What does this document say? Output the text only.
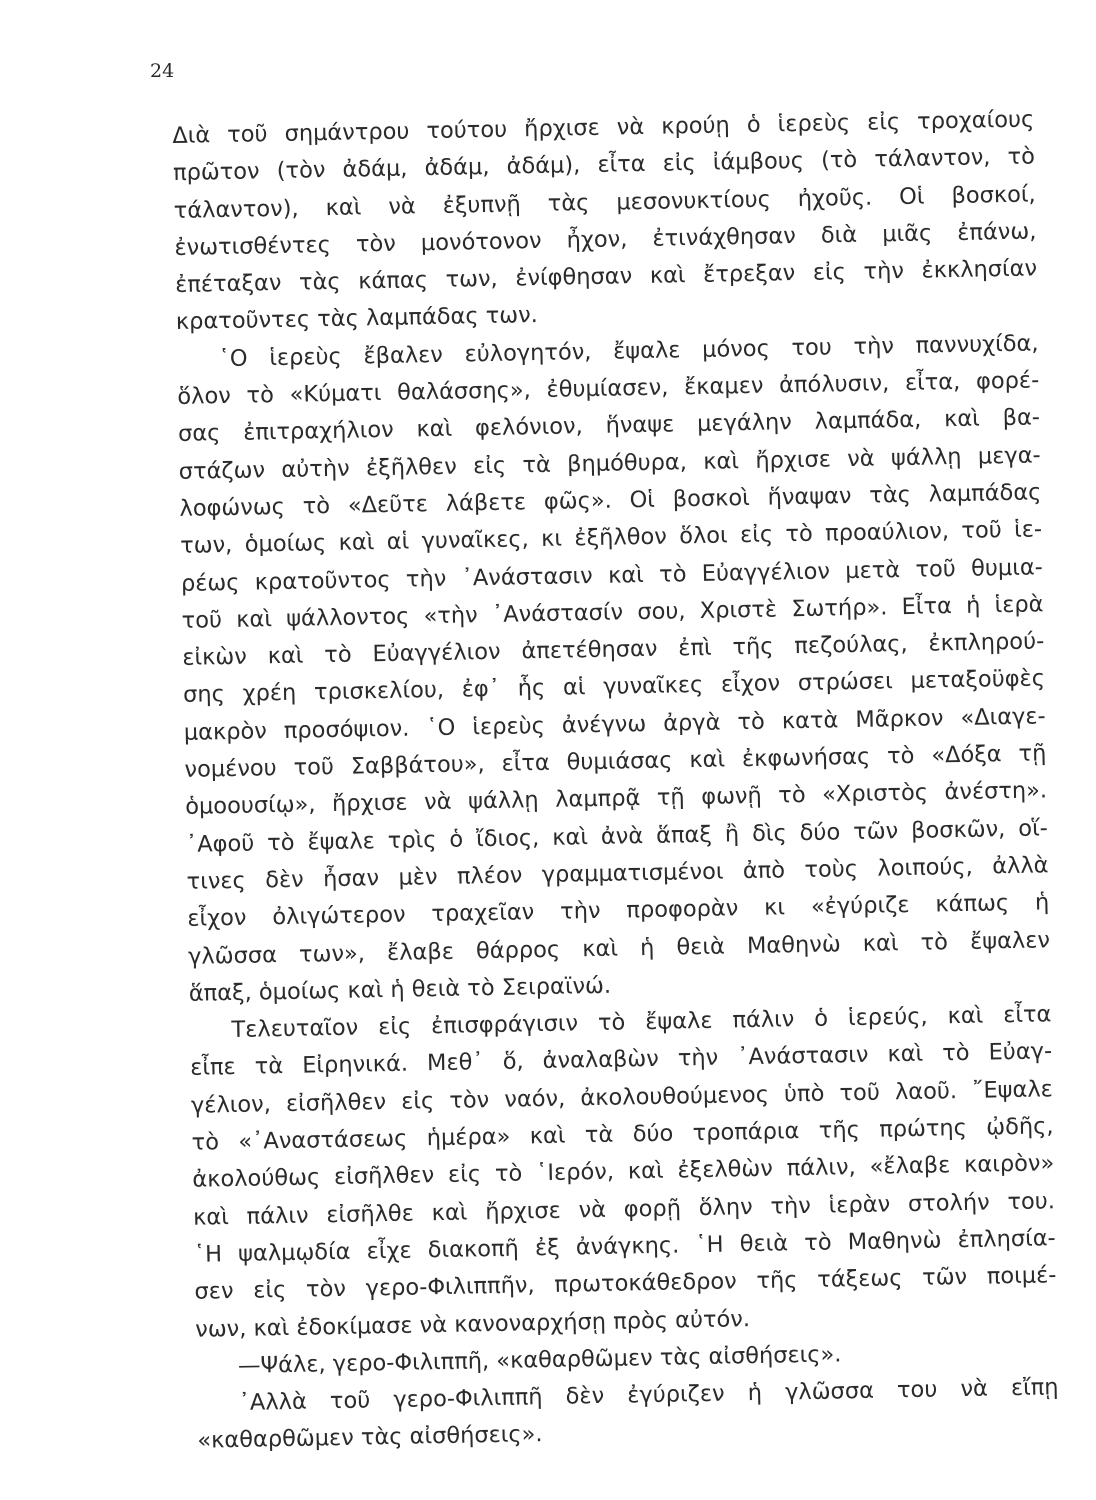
24
Διὰ τοῦ σημάντρου τούτου ἤρχισε νὰ κρούῃ ὁ ἱερεὺς εἰς τροχαίους
πρῶτον (τὸν ἀδάμ, ἀδάμ, ἀδάμ), εἶτα εἰς ἰάμβους (τὸ τάλαντον, τὸ
τάλαντον), καὶ νὰ ἐξυπνῇ τὰς μεσονυκτίους ἠχοῦς. Οἱ βοσκοί,
ἐνωτισθέντες τὸν μονότονον ἦχον, ἐτινάχθησαν διὰ μιᾶς ἐπάνω,
ἐπέταξαν τὰς κάπας των, ἐνίφθησαν καὶ ἔτρεξαν εἰς τὴν ἐκκλησίαν
κρατοῦντες τὰς λαμπάδας των.
῾Ο ἱερεὺς ἔβαλεν εὐλογητόν, ἔψαλε μόνος του τὴν παννυχίδα,
ὅλον τὸ «Κύματι θαλάσσης», ἐθυμίασεν, ἔκαμεν ἀπόλυσιν, εἶτα, φορέ-
σας ἐπιτραχήλιον καὶ φελόνιον, ἥναψε μεγάλην λαμπάδα, καὶ βα-
στάζων αὐτὴν ἐξῆλθεν εἰς τὰ βημόθυρα, καὶ ἤρχισε νὰ ψάλλῃ μεγα-
λοφώνως τὸ «Δεῦτε λάβετε φῶς». Οἱ βοσκοὶ ἥναψαν τὰς λαμπάδας
των, ὁμοίως καὶ αἱ γυναῖκες, κι ἐξῆλθον ὅλοι εἰς τὸ προαύλιον, τοῦ ἱε-
ρέως κρατοῦντος τὴν ᾿Ανάστασιν καὶ τὸ Εὐαγγέλιον μετὰ τοῦ θυμια-
τοῦ καὶ ψάλλοντος «τὴν ᾿Ανάστασίν σου, Χριστὲ Σωτήρ». Εἶτα ἡ ἱερὰ
εἰκὼν καὶ τὸ Εὐαγγέλιον ἀπετέθησαν ἐπὶ τῆς πεζούλας, ἐκπληρού-
σης χρέη τρισκελίου, ἐφ᾽ ἧς αἱ γυναῖκες εἶχον στρώσει μεταξοϋφὲς
μακρὸν προσόψιον. ῾Ο ἱερεὺς ἀνέγνω ἀργὰ τὸ κατὰ Μᾶρκον «Διαγε-
νομένου τοῦ Σαββάτου», εἶτα θυμιάσας καὶ ἐκφωνήσας τὸ «Δόξα τῇ
ὁμοουσίῳ», ἤρχισε νὰ ψάλλῃ λαμπρᾷ τῇ φωνῇ τὸ «Χριστὸς ἀνέστη».
᾿Αφοῦ τὸ ἔψαλε τρὶς ὁ ἴδιος, καὶ ἀνὰ ἅπαξ ἢ δὶς δύο τῶν βοσκῶν, οἵ-
τινες δὲν ἦσαν μὲν πλέον γραμματισμένοι ἀπὸ τοὺς λοιπούς, ἀλλὰ
εἶχον ὀλιγώτερον τραχεῖαν τὴν προφορὰν κι «ἐγύριζε κάπως ἡ
γλῶσσα των», ἔλαβε θάρρος καὶ ἡ θειὰ Μαθηνὼ καὶ τὸ ἔψαλεν
ἅπαξ, ὁμοίως καὶ ἡ θειὰ τὸ Σειραϊνώ.
Τελευταῖον εἰς ἐπισφράγισιν τὸ ἔψαλε πάλιν ὁ ἱερεύς, καὶ εἶτα
εἶπε τὰ Εἰρηνικά. Μεθ᾽ ὅ, ἀναλαβὼν τὴν ᾿Ανάστασιν καὶ τὸ Εὐαγ-
γέλιον, εἰσῆλθεν εἰς τὸν ναόν, ἀκολουθούμενος ὑπὸ τοῦ λαοῦ. ῎Εψαλε
τὸ «᾿Αναστάσεως ἡμέρα» καὶ τὰ δύο τροπάρια τῆς πρώτης ᾠδῆς,
ἀκολούθως εἰσῆλθεν εἰς τὸ ῾Ιερόν, καὶ ἐξελθὼν πάλιν, «ἔλαβε καιρὸν»
καὶ πάλιν εἰσῆλθε καὶ ἤρχισε νὰ φορῇ ὅλην τὴν ἱερὰν στολήν του.
῾Η ψαλμῳδία εἶχε διακοπῆ ἐξ ἀνάγκης. ῾Η θειὰ τὸ Μαθηνὼ ἐπλησία-
σεν εἰς τὸν γερο-Φιλιππῆν, πρωτοκάθεδρον τῆς τάξεως τῶν ποιμέ-
νων, καὶ ἐδοκίμασε νὰ κανοναρχήσῃ πρὸς αὐτόν.
—Ψάλε, γερο-Φιλιππῆ, «καθαρθῶμεν τὰς αἰσθήσεις».
᾿Αλλὰ τοῦ γερο-Φιλιππῆ δὲν ἐγύριζεν ἡ γλῶσσα του νὰ εἴπῃ
«καθαρθῶμεν τὰς αἰσθήσεις».
